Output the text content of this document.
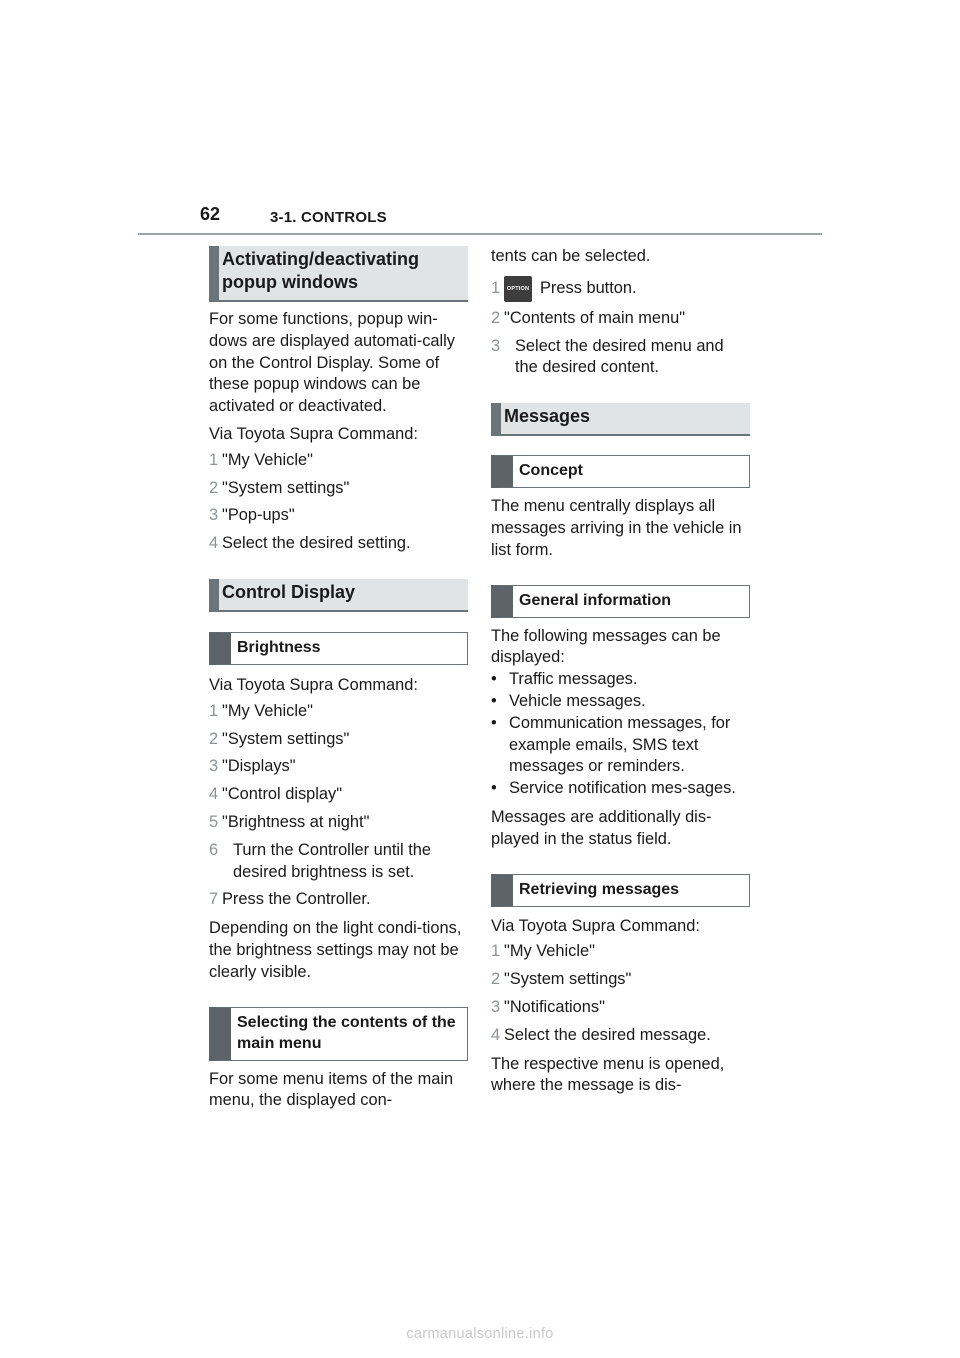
62	3-1. CONTROLS
Activating/deactivating popup windows

For some functions, popup win-dows are displayed automati-cally on the Control Display. Some of these popup windows can be activated or deactivated.

Via Toyota Supra Command:

1 "My Vehicle"
2 "System settings"
3 "Pop-ups"
4 Select the desired setting.
Control Display
Brightness

Via Toyota Supra Command:

1 "My Vehicle"
2 "System settings"
3 "Displays"
4 "Control display"
5 "Brightness at night"
6 Turn the Controller until the desired brightness is set.
7 Press the Controller.

Depending on the light condi-tions, the brightness settings may not be clearly visible.

Selecting the contents of the main menu

For some menu items of the main menu, the displayed con-

tents can be selected.

1	OPTION Press button.
2 "Contents of main menu"
3 Select the desired menu and the desired content.
Messages
Concept

The menu centrally displays all messages arriving in the vehicle in list form.

General information

The following messages can be displayed:

• Traffic messages.
• Vehicle messages.
• Communication messages, for example emails, SMS text messages or reminders.
• Service notification mes-sages.

Messages are additionally dis-played in the status field.

Retrieving messages

Via Toyota Supra Command:

1 "My Vehicle"
2 "System settings"
3 "Notifications"
4 Select the desired message.

The respective menu is opened, where the message is dis-

carmanualsonline.info
